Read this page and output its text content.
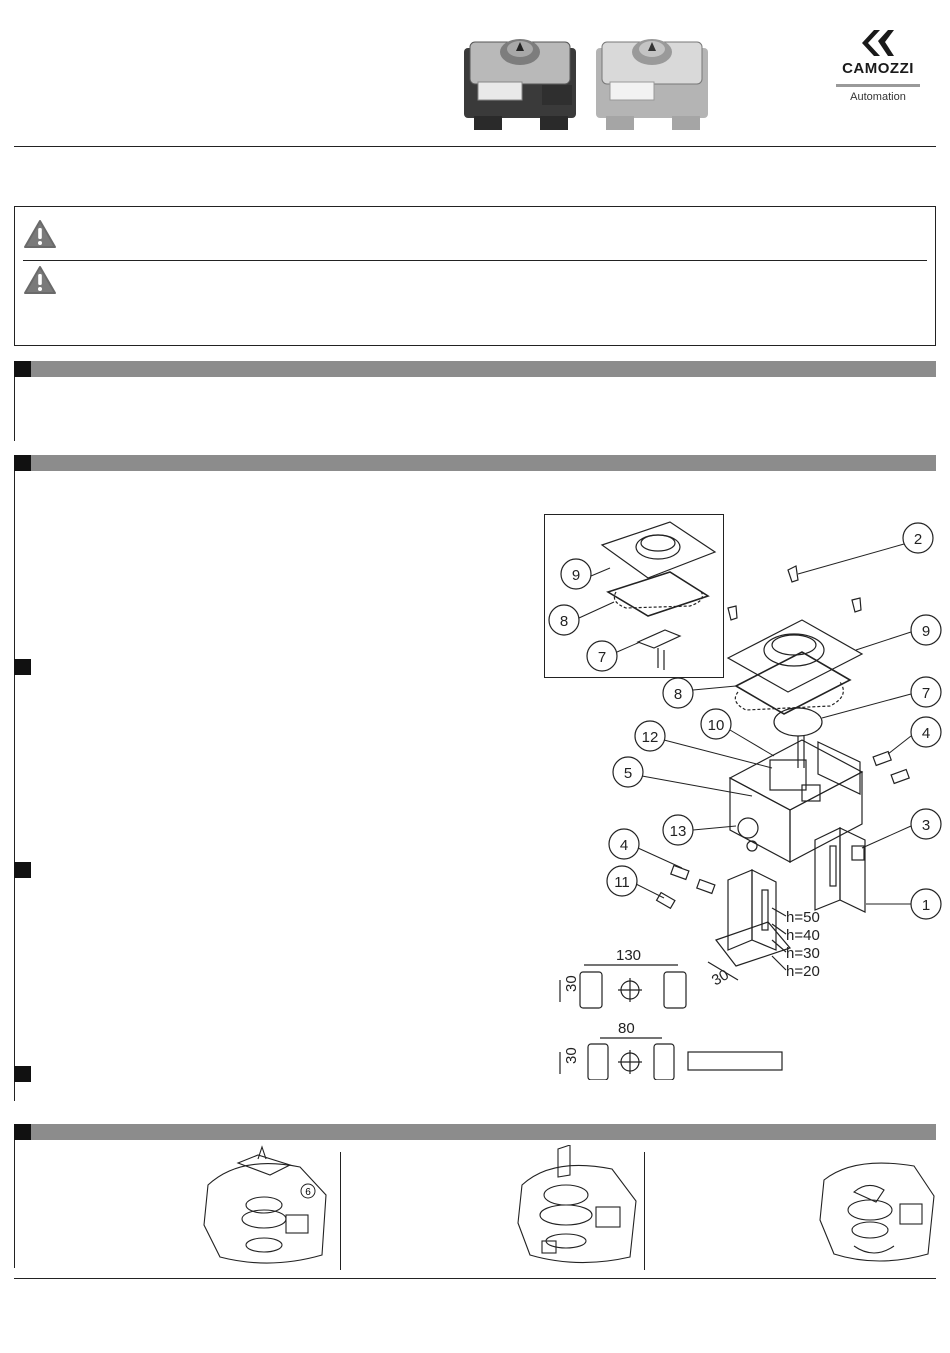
CAMOZZI
Automation
2
9
9
8
7
8	7
10
12	4
5
13	3
4
11
1
h=50
h=40
h=30
h=20
30
130
80
30
30
6
